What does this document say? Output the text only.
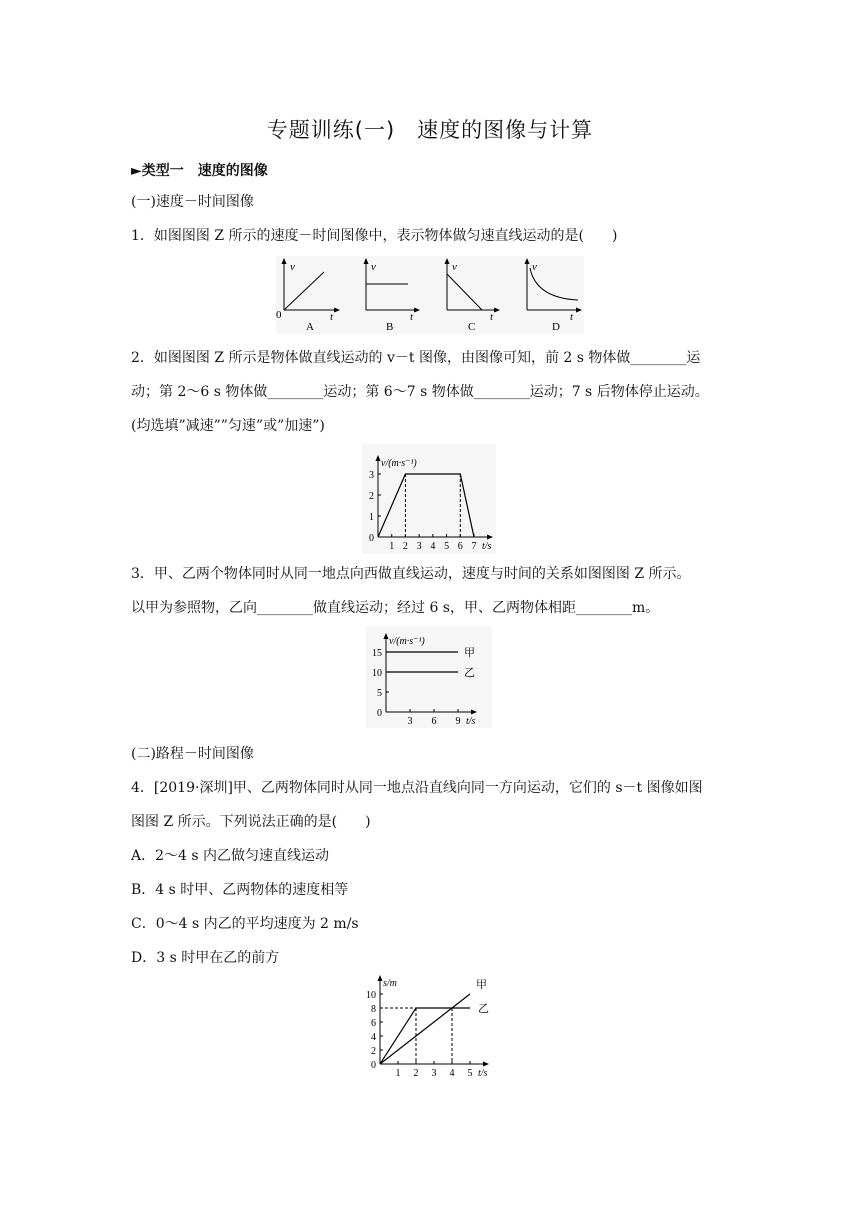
专题训练(一)　速度的图像与计算
►类型一　速度的图像
(一)速度－时间图像
1．如图图图 Z 所示的速度－时间图像中，表示物体做匀速直线运动的是(　　)
v
t
0
A
v
t
B
v
t
C
v
t
D
2．如图图图 Z 所示是物体做直线运动的 v－t 图像，由图像可知，前 2 s 物体做________运
动；第 2～6 s 物体做________运动；第 6～7 s 物体做________运动；7 s 后物体停止运动。
(均选填”减速””匀速”或”加速”)
v/(m·s⁻¹)
t/s
0
1
2
3
1 2 3 4 5 6 7
3．甲、乙两个物体同时从同一地点向西做直线运动，速度与时间的关系如图图图 Z 所示。
以甲为参照物，乙向________做直线运动；经过 6 s，甲、乙两物体相距________m。
v/(m·s⁻¹)
t/s
0
5
10
15
3 6 9
甲
乙
(二)路程－时间图像
4．[2019·深圳]甲、乙两物体同时从同一地点沿直线向同一方向运动，它们的 s－t 图像如图
图图 Z 所示。下列说法正确的是(　　)
A．2～4 s 内乙做匀速直线运动
B．4 s 时甲、乙两物体的速度相等
C．0～4 s 内乙的平均速度为 2 m/s
D．3 s 时甲在乙的前方
s/m
t/s
0
2
4
6
8
10
1 2 3 4 5
甲
乙
